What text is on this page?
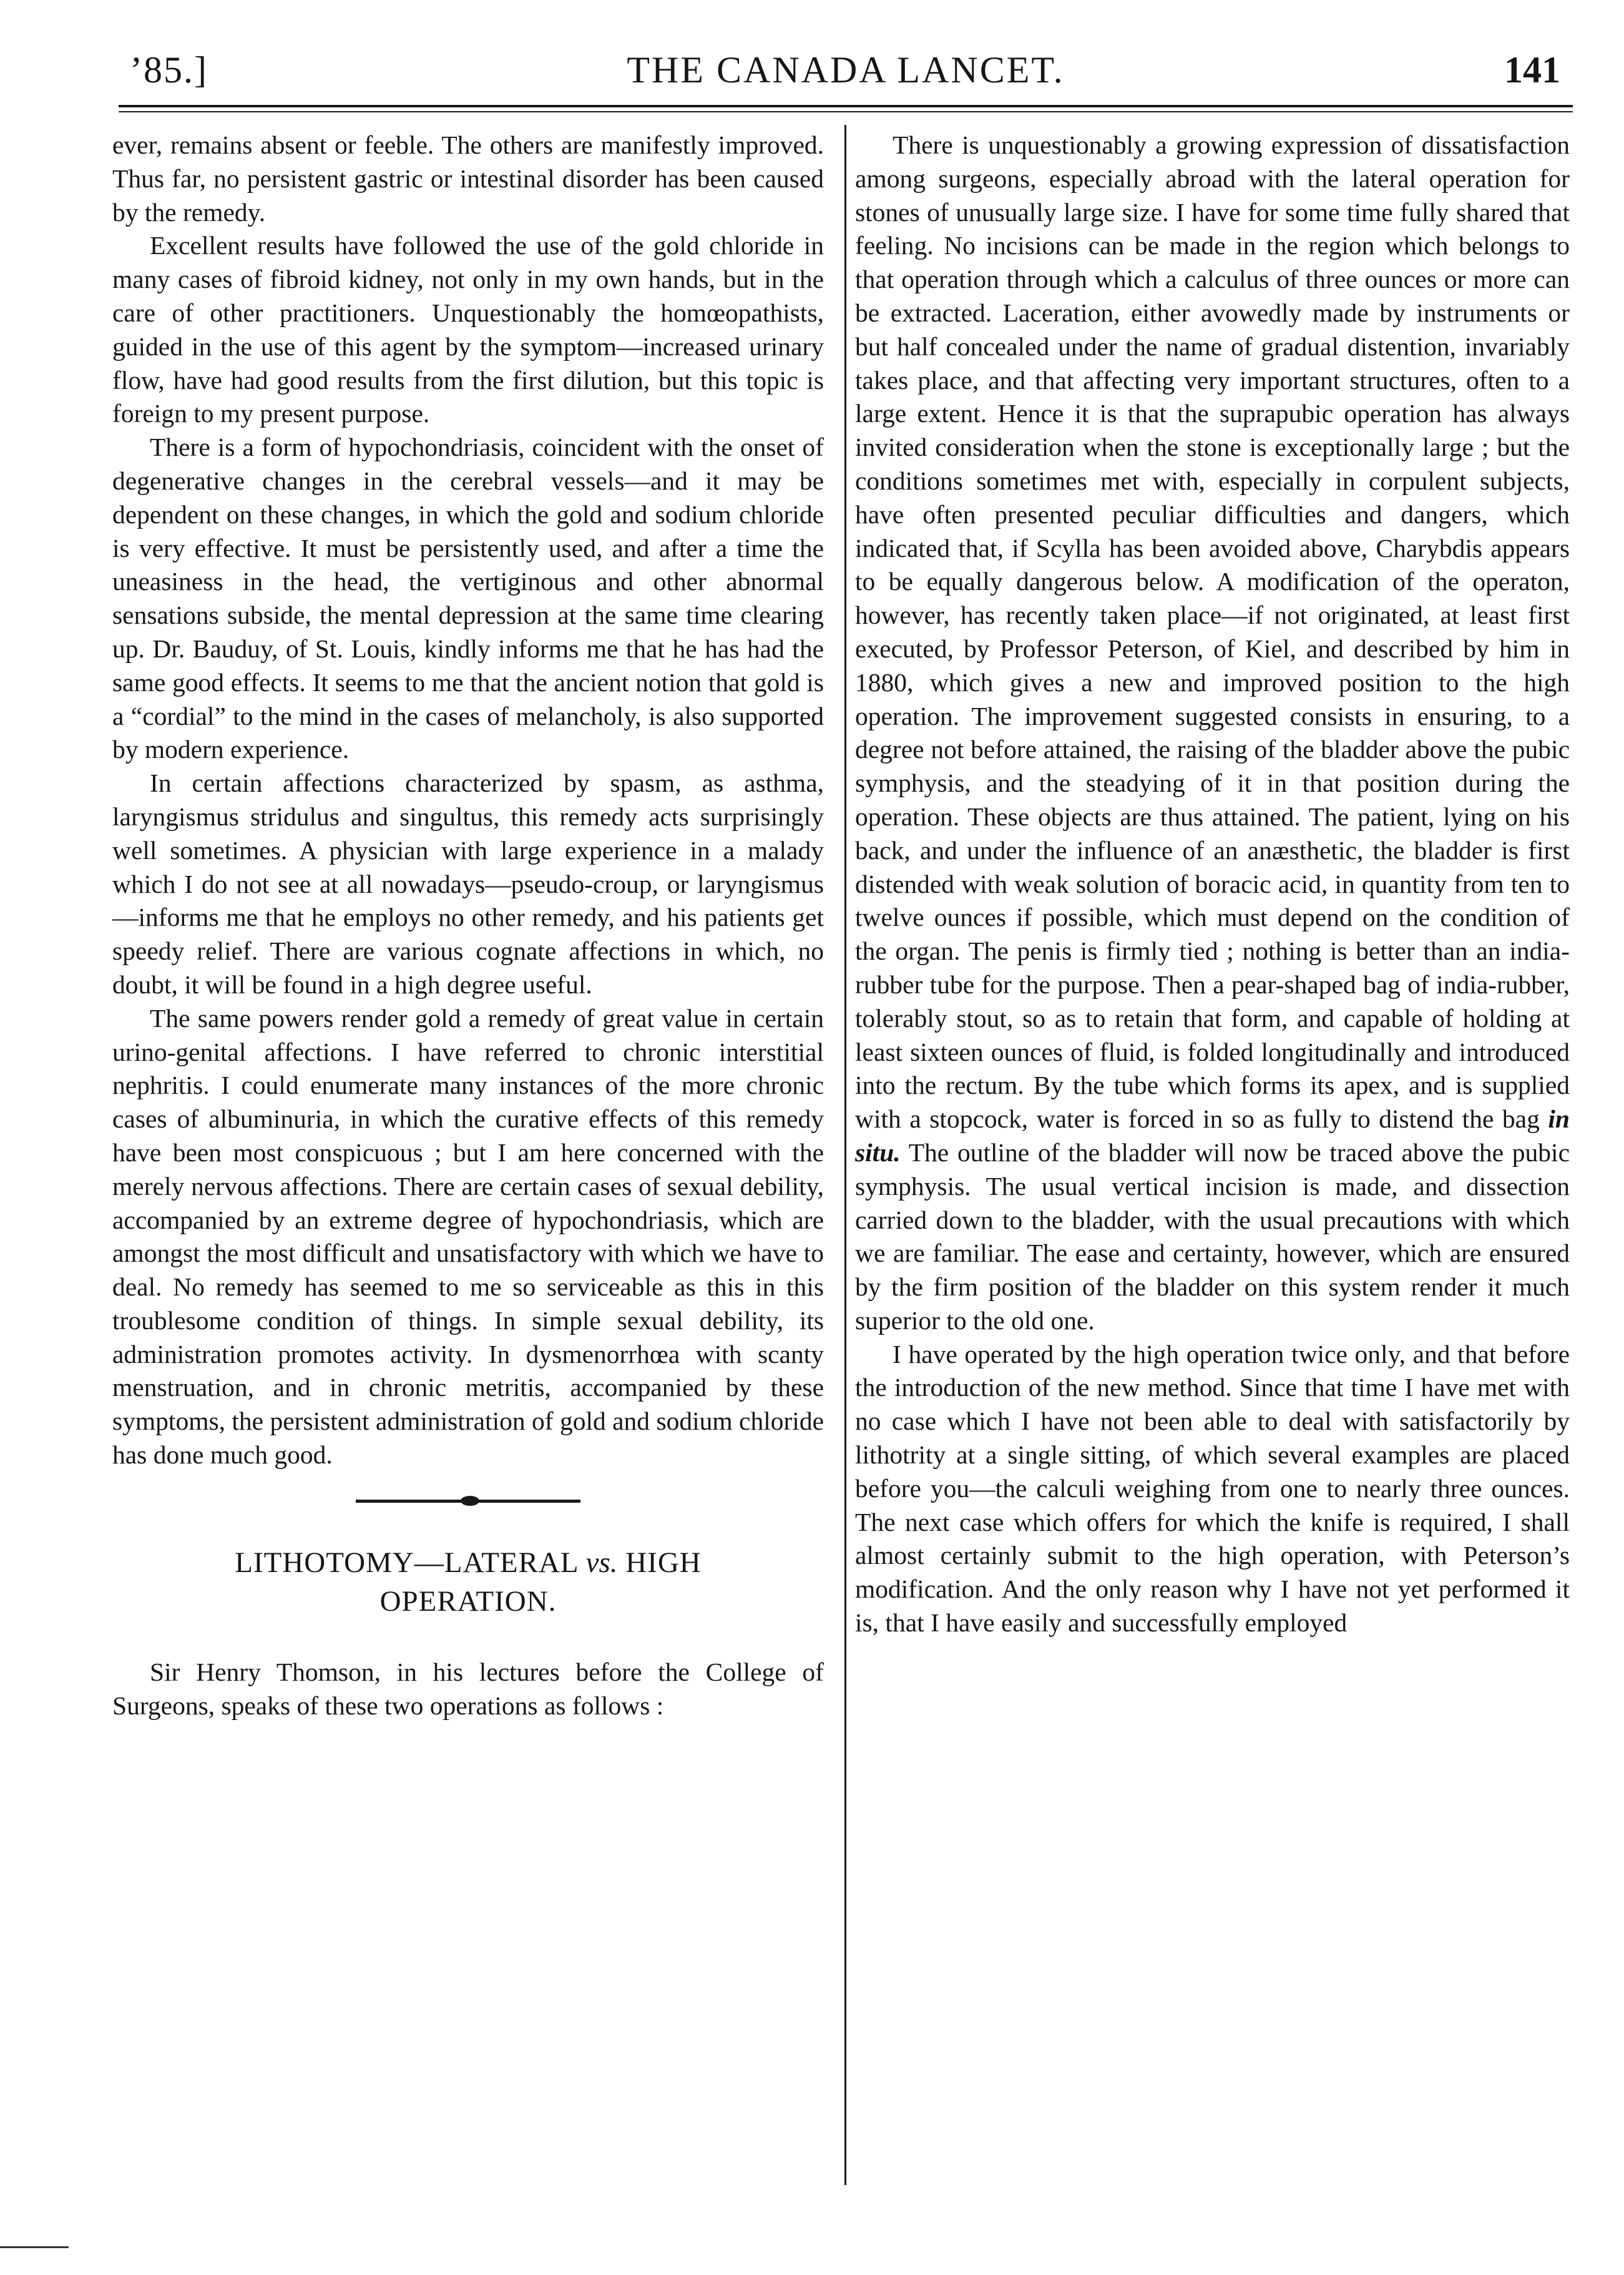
’85.]	THE CANADA LANCET.	141

ever, remains absent or feeble. The others are manifestly improved. Thus far, no persistent gastric or intestinal disorder has been caused by the remedy.

Excellent results have followed the use of the gold chloride in many cases of fibroid kidney, not only in my own hands, but in the care of other practitioners. Unquestionably the homœopathists, guided in the use of this agent by the symptom—increased urinary flow, have had good results from the first dilution, but this topic is foreign to my present purpose.

There is a form of hypochondriasis, coincident with the onset of degenerative changes in the cerebral vessels—and it may be dependent on these changes, in which the gold and sodium chloride is very effective. It must be persistently used, and after a time the uneasiness in the head, the vertiginous and other abnormal sensations subside, the mental depression at the same time clearing up. Dr. Bauduy, of St. Louis, kindly informs me that he has had the same good effects. It seems to me that the ancient notion that gold is a “cordial” to the mind in the cases of melancholy, is also supported by modern experience.

In certain affections characterized by spasm, as asthma, laryngismus stridulus and singultus, this remedy acts surprisingly well sometimes. A physician with large experience in a malady which I do not see at all nowadays—pseudo-croup, or laryngismus—informs me that he employs no other remedy, and his patients get speedy relief. There are various cognate affections in which, no doubt, it will be found in a high degree useful.

The same powers render gold a remedy of great value in certain urino-genital affections. I have referred to chronic interstitial nephritis. I could enumerate many instances of the more chronic cases of albuminuria, in which the curative effects of this remedy have been most conspicuous ; but I am here concerned with the merely nervous affections. There are certain cases of sexual debility, accompanied by an extreme degree of hypochondriasis, which are amongst the most difficult and unsatisfactory with which we have to deal. No remedy has seemed to me so serviceable as this in this troublesome condition of things. In simple sexual debility, its administration promotes activity. In dysmenorrhœa with scanty menstruation, and in chronic metritis, accompanied by these symptoms, the persistent administration of gold and sodium chloride has done much good.

LITHOTOMY—LATERAL vs. HIGH
OPERATION.

Sir Henry Thomson, in his lectures before the College of Surgeons, speaks of these two operations as follows :

There is unquestionably a growing expression of dissatisfaction among surgeons, especially abroad with the lateral operation for stones of unusually large size. I have for some time fully shared that feeling. No incisions can be made in the region which belongs to that operation through which a calculus of three ounces or more can be extracted. Laceration, either avowedly made by instruments or but half concealed under the name of gradual distention, invariably takes place, and that affecting very important structures, often to a large extent. Hence it is that the suprapubic operation has always invited consideration when the stone is exceptionally large ; but the conditions sometimes met with, especially in corpulent subjects, have often presented peculiar difficulties and dangers, which indicated that, if Scylla has been avoided above, Charybdis appears to be equally dangerous below. A modification of the operaton, however, has recently taken place—if not originated, at least first executed, by Professor Peterson, of Kiel, and described by him in 1880, which gives a new and improved position to the high operation. The improvement suggested consists in ensuring, to a degree not before attained, the raising of the bladder above the pubic symphysis, and the steadying of it in that position during the operation. These objects are thus attained. The patient, lying on his back, and under the influence of an anæsthetic, the bladder is first distended with weak solution of boracic acid, in quantity from ten to twelve ounces if possible, which must depend on the condition of the organ. The penis is firmly tied ; nothing is better than an india-rubber tube for the purpose. Then a pear-shaped bag of india-rubber, tolerably stout, so as to retain that form, and capable of holding at least sixteen ounces of fluid, is folded longitudinally and introduced into the rectum. By the tube which forms its apex, and is supplied with a stopcock, water is forced in so as fully to distend the bag in situ. The outline of the bladder will now be traced above the pubic symphysis. The usual vertical incision is made, and dissection carried down to the bladder, with the usual precautions with which we are familiar. The ease and certainty, however, which are ensured by the firm position of the bladder on this system render it much superior to the old one.

I have operated by the high operation twice only, and that before the introduction of the new method. Since that time I have met with no case which I have not been able to deal with satisfactorily by lithotrity at a single sitting, of which several examples are placed before you—the calculi weighing from one to nearly three ounces. The next case which offers for which the knife is required, I shall almost certainly submit to the high operation, with Peterson’s modification. And the only reason why I have not yet performed it is, that I have easily and successfully employed
